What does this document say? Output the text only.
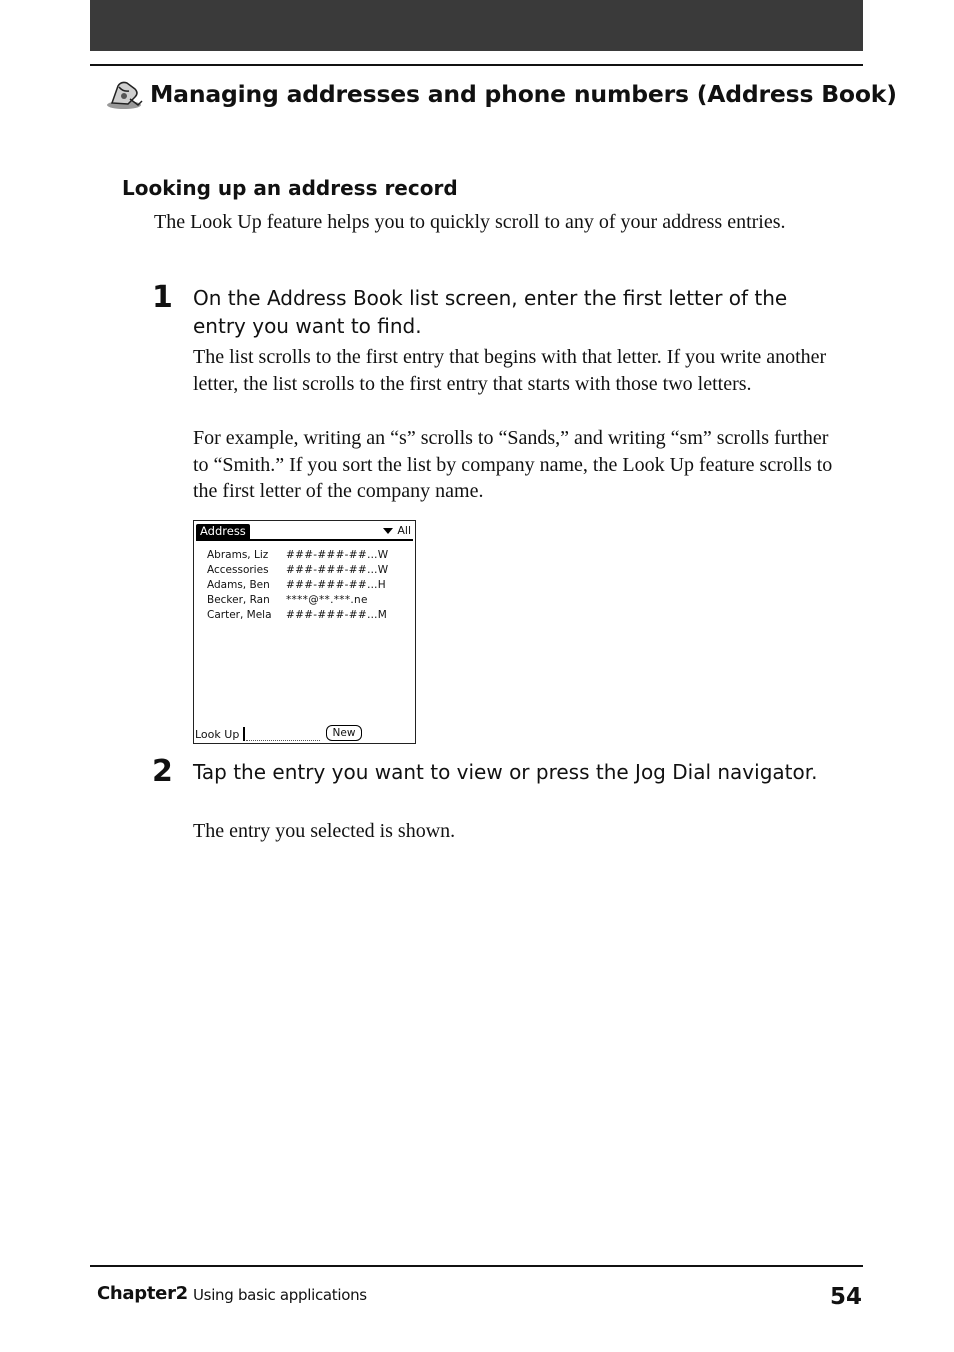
Managing addresses and phone numbers (Address Book)
Looking up an address record
The Look Up feature helps you to quickly scroll to any of your address entries.
1 On the Address Book list screen, enter the first letter of the entry you want to find.
The list scrolls to the first entry that begins with that letter. If you write another letter, the list scrolls to the first entry that starts with those two letters.
For example, writing an “s” scrolls to “Sands,” and writing “sm” scrolls further to “Smith.” If you sort the list by company name, the Look Up feature scrolls to the first letter of the company name.
Address	All
Abrams, Liz	###-###-##…W
Accessories	###-###-##…W
Adams, Ben	###-###-##…H
Becker, Ran	****@**.***.ne
Carter, Mela	###-###-##…M
Look Up	New
2 Tap the entry you want to view or press the Jog Dial navigator.
The entry you selected is shown.
Chapter2 Using basic applications	54
